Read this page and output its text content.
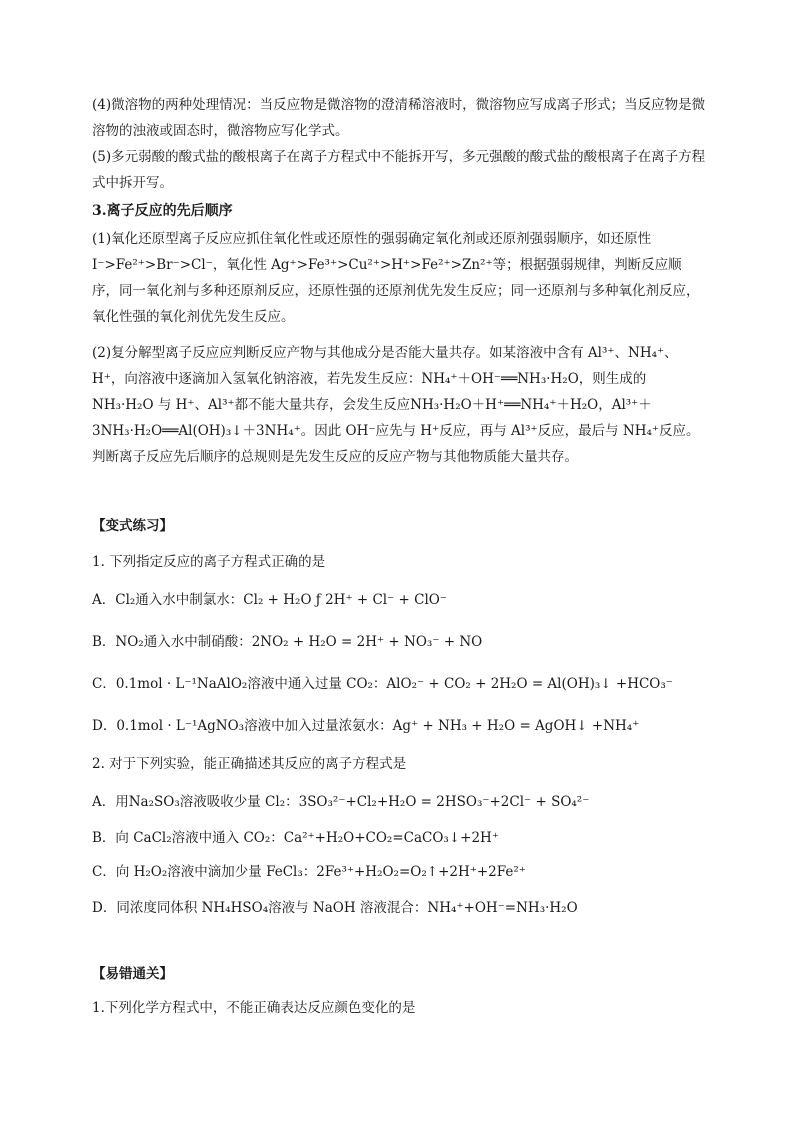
(4)微溶物的两种处理情况：当反应物是微溶物的澄清稀溶液时，微溶物应写成离子形式；当反应物是微溶物的浊液或固态时，微溶物应写化学式。
(5)多元弱酸的酸式盐的酸根离子在离子方程式中不能拆开写，多元强酸的酸式盐的酸根离子在离子方程式中拆开写。
3.离子反应的先后顺序
(1)氧化还原型离子反应应抓住氧化性或还原性的强弱确定氧化剂或还原剂强弱顺序，如还原性 I⁻>Fe²⁺>Br⁻>Cl⁻，氧化性 Ag⁺>Fe³⁺>Cu²⁺>H⁺>Fe²⁺>Zn²⁺等；根据强弱规律，判断反应顺序，同一氧化剂与多种还原剂反应，还原性强的还原剂优先发生反应；同一还原剂与多种氧化剂反应，氧化性强的氧化剂优先发生反应。
(2)复分解型离子反应应判断反应产物与其他成分是否能大量共存。如某溶液中含有 Al³⁺、NH₄⁺、H⁺，向溶液中逐滴加入氢氧化钠溶液，若先发生反应：NH₄⁺＋OH⁻══NH₃·H₂O，则生成的 NH₃·H₂O 与 H⁺、Al³⁺都不能大量共存，会发生反应NH₃·H₂O＋H⁺══NH₄⁺＋H₂O，Al³⁺＋3NH₃·H₂O══Al(OH)₃↓＋3NH₄⁺。因此 OH⁻应先与 H⁺反应，再与 Al³⁺反应，最后与 NH₄⁺反应。判断离子反应先后顺序的总规则是先发生反应的反应产物与其他物质能大量共存。
【变式练习】
1. 下列指定反应的离子方程式正确的是
A．Cl₂通入水中制氯水：Cl₂ + H₂O ƒ 2H⁺ + Cl⁻ + ClO⁻
B．NO₂通入水中制硝酸：2NO₂ + H₂O = 2H⁺ + NO₃⁻ + NO
C．0.1mol · L⁻¹NaAlO₂溶液中通入过量 CO₂：AlO₂⁻ + CO₂ + 2H₂O = Al(OH)₃↓ +HCO₃⁻
D．0.1mol · L⁻¹AgNO₃溶液中加入过量浓氨水：Ag⁺ + NH₃ + H₂O = AgOH↓ +NH₄⁺
2. 对于下列实验，能正确描述其反应的离子方程式是
A．用Na₂SO₃溶液吸收少量 Cl₂：3SO₃²⁻+Cl₂+H₂O = 2HSO₃⁻+2Cl⁻ + SO₄²⁻
B．向 CaCl₂溶液中通入 CO₂：Ca²⁺+H₂O+CO₂=CaCO₃↓+2H⁺
C．向 H₂O₂溶液中滴加少量 FeCl₃：2Fe³⁺+H₂O₂=O₂↑+2H⁺+2Fe²⁺
D．同浓度同体积 NH₄HSO₄溶液与 NaOH 溶液混合：NH₄⁺+OH⁻=NH₃·H₂O
【易错通关】
1.下列化学方程式中，不能正确表达反应颜色变化的是
